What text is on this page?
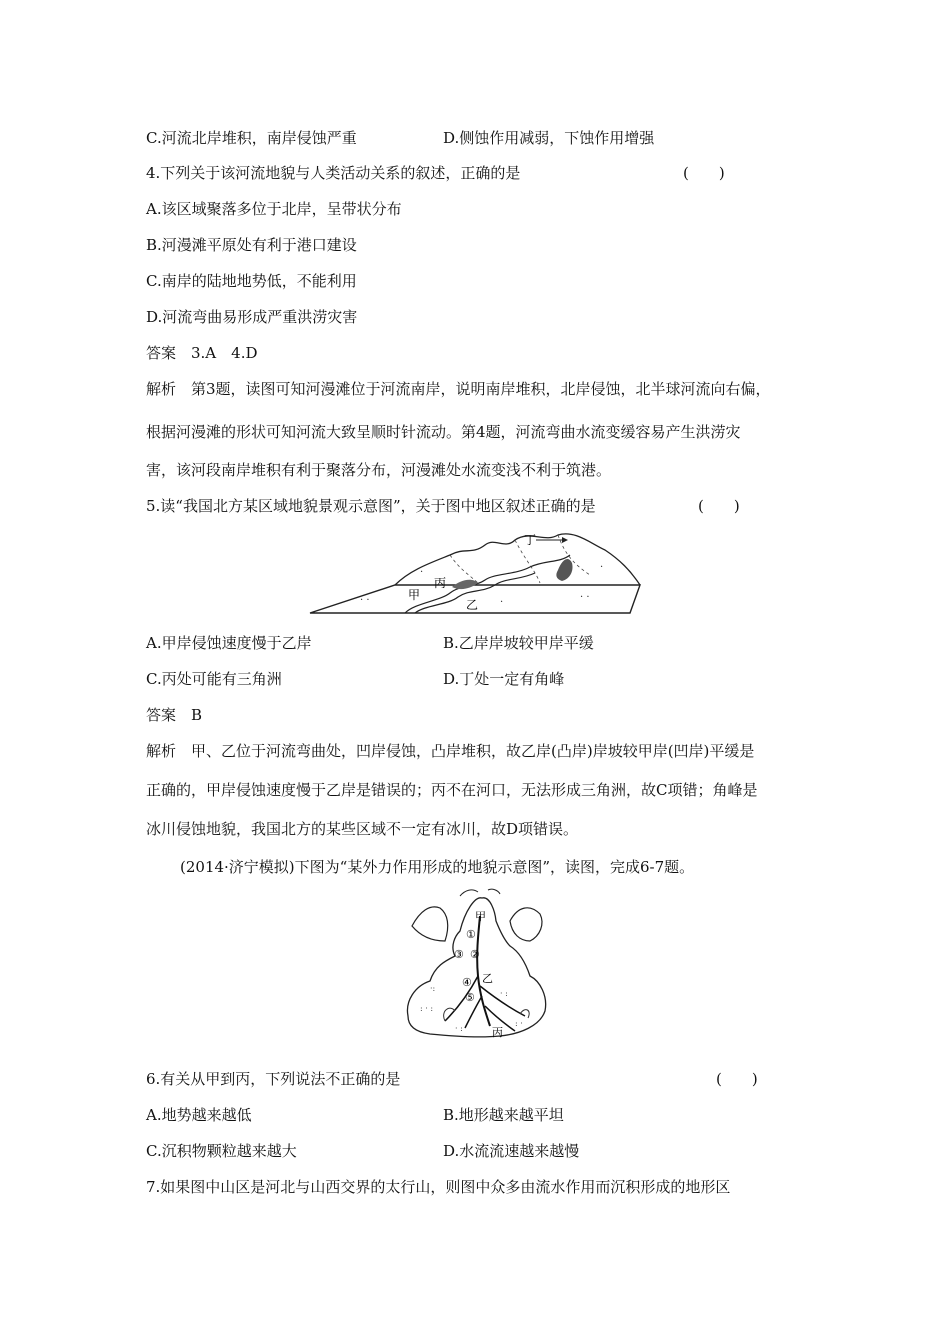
C.河流北岸堆积，南岸侵蚀严重	D.侧蚀作用减弱，下蚀作用增强
4.下列关于该河流地貌与人类活动关系的叙述，正确的是	(　　)
A.该区域聚落多位于北岸，呈带状分布
B.河漫滩平原处有利于港口建设
C.南岸的陆地地势低，不能利用
D.河流弯曲易形成严重洪涝灾害
答案　3.A　4.D
解析　第3题，读图可知河漫滩位于河流南岸，说明南岸堆积，北岸侵蚀，北半球河流向右偏，
根据河漫滩的形状可知河流大致呈顺时针流动。第4题，河流弯曲水流变缓容易产生洪涝灾
害，该河段南岸堆积有利于聚落分布，河漫滩处水流变浅不利于筑港。
5.读“我国北方某区域地貌景观示意图”，关于图中地区叙述正确的是	(　　)
· ·	·	· ·
·	·
丁
丙
甲
乙
A.甲岸侵蚀速度慢于乙岸	B.乙岸岸坡较甲岸平缓
C.丙处可能有三角洲	D.丁处一定有角峰
答案　B
解析　甲、乙位于河流弯曲处，凹岸侵蚀，凸岸堆积，故乙岸(凸岸)岸坡较甲岸(凹岸)平缓是
正确的，甲岸侵蚀速度慢于乙岸是错误的；丙不在河口，无法形成三角洲，故C项错；角峰是
冰川侵蚀地貌，我国北方的某些区域不一定有冰川，故D项错误。
(2014·济宁模拟)下图为“某外力作用形成的地貌示意图”，读图，完成6-7题。
: · :
· :
·:
: ·
· :
甲
①
③ ②
乙
④
⑤
丙
6.有关从甲到丙，下列说法不正确的是	(　　)
A.地势越来越低	B.地形越来越平坦
C.沉积物颗粒越来越大	D.水流流速越来越慢
7.如果图中山区是河北与山西交界的太行山，则图中众多由流水作用而沉积形成的地形区
